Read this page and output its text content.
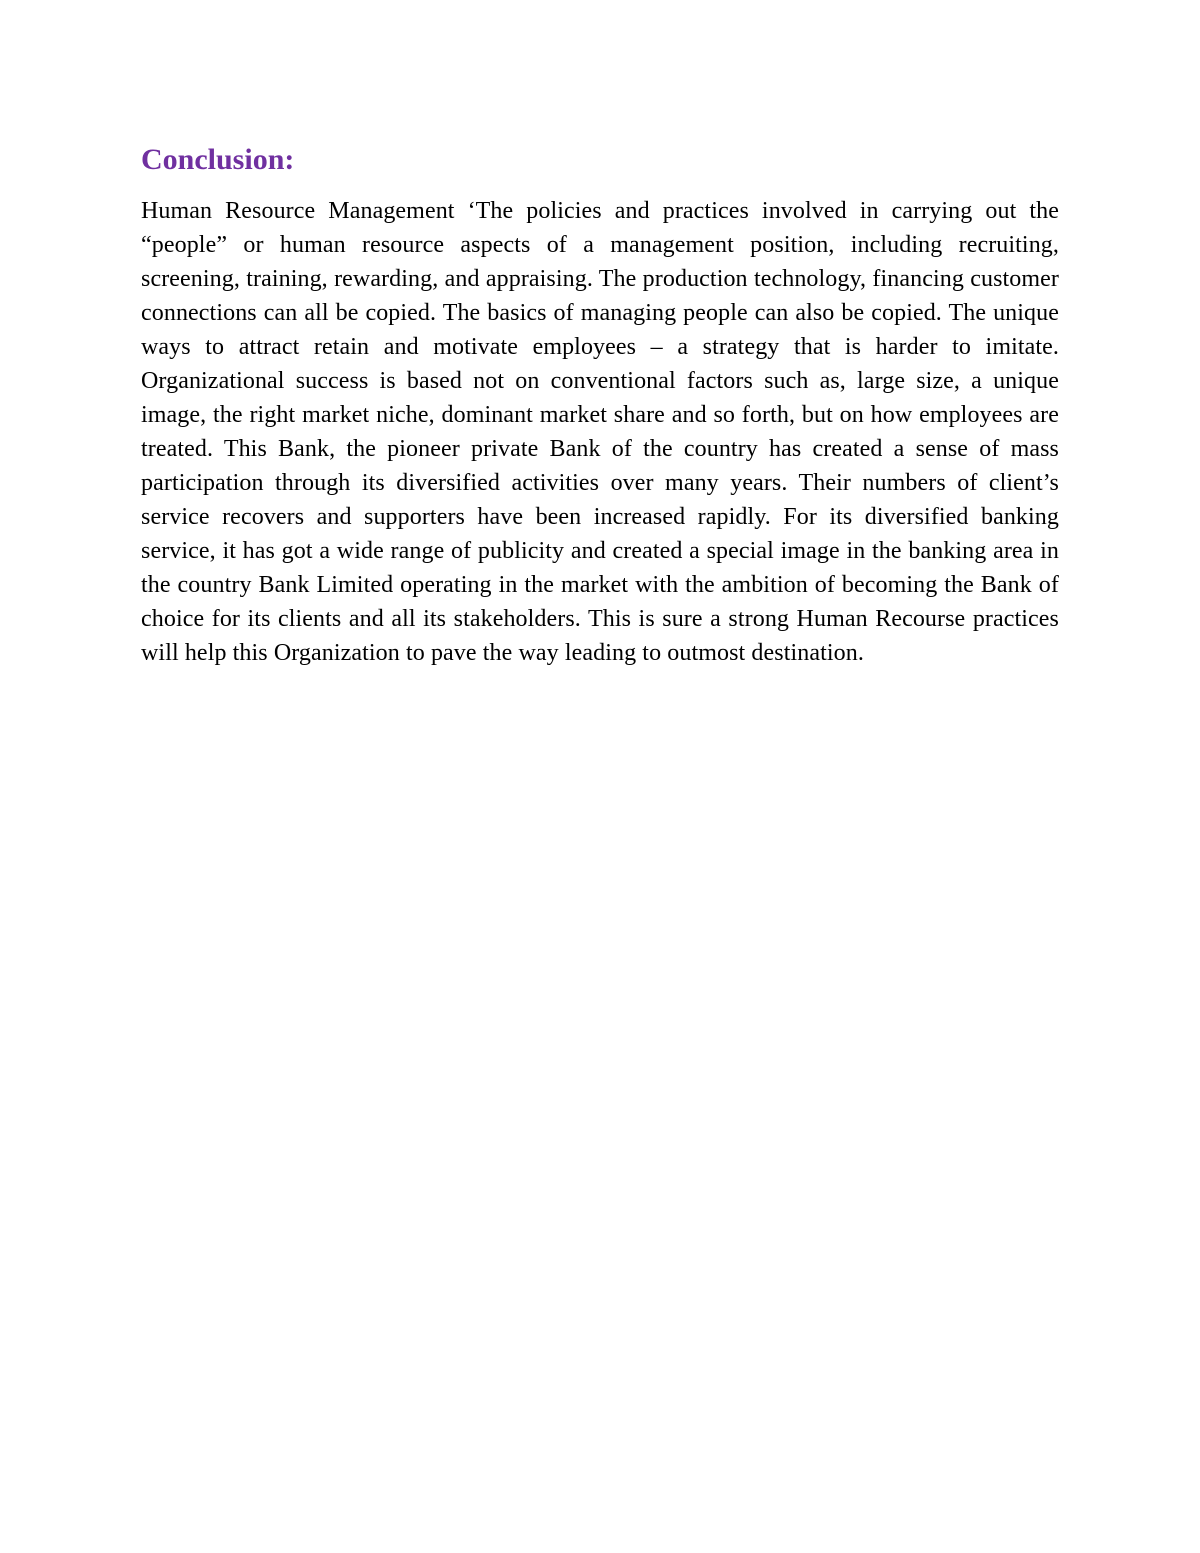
Conclusion:

Human Resource Management ‘The policies and practices involved in carrying out the “people” or human resource aspects of a management position, including recruiting, screening, training, rewarding, and appraising. The production technology, financing customer connections can all be copied. The basics of managing people can also be copied. The unique ways to attract retain and motivate employees – a strategy that is harder to imitate. Organizational success is based not on conventional factors such as, large size, a unique image, the right market niche, dominant market share and so forth, but on how employees are treated. This Bank, the pioneer private Bank of the country has created a sense of mass participation through its diversified activities over many years. Their numbers of client’s service recovers and supporters have been increased rapidly. For its diversified banking service, it has got a wide range of publicity and created a special image in the banking area in the country Bank Limited operating in the market with the ambition of becoming the Bank of choice for its clients and all its stakeholders. This is sure a strong Human Recourse practices will help this Organization to pave the way leading to outmost destination.
